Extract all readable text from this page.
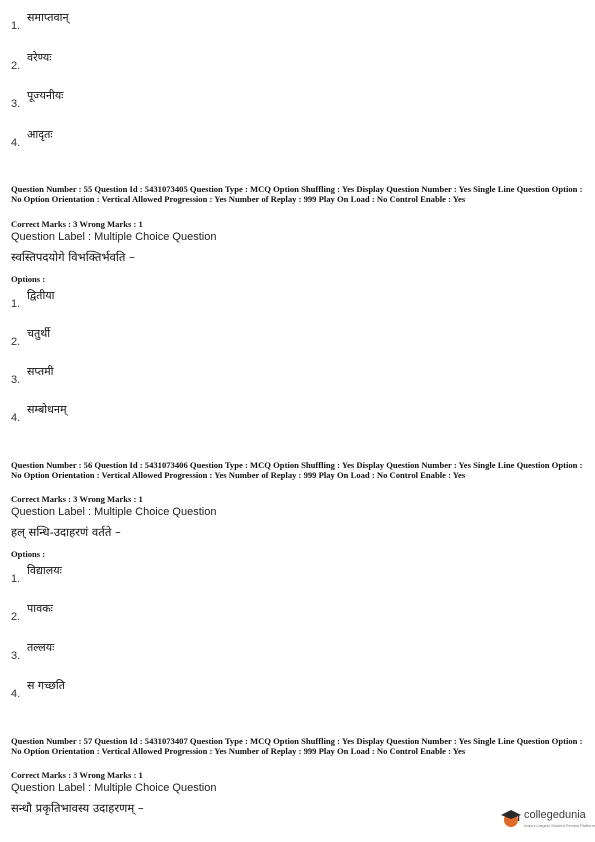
1.
समाप्तवान्
2.
वरेण्यः
3.
पूज्यनीयः
4.
आदृतः
Question Number : 55 Question Id : 5431073405 Question Type : MCQ Option Shuffling : Yes Display Question Number : Yes Single Line Question Option : No Option Orientation : Vertical Allowed Progression : Yes Number of Replay : 999 Play On Load : No Control Enable : Yes
Correct Marks : 3 Wrong Marks : 1
Question Label : Multiple Choice Question
स्वस्तिपदयोगे विभक्तिर्भवति –
Options :
1.
द्वितीया
2.
चतुर्थी
3.
सप्तमी
4.
सम्बोधनम्
Question Number : 56 Question Id : 5431073406 Question Type : MCQ Option Shuffling : Yes Display Question Number : Yes Single Line Question Option : No Option Orientation : Vertical Allowed Progression : Yes Number of Replay : 999 Play On Load : No Control Enable : Yes
Correct Marks : 3 Wrong Marks : 1
Question Label : Multiple Choice Question
हल् सन्धि-उदाहरणं वर्तते –
Options :
1.
विद्यालयः
2.
पावकः
3.
तल्लयः
4.
स गच्छति
Question Number : 57 Question Id : 5431073407 Question Type : MCQ Option Shuffling : Yes Display Question Number : Yes Single Line Question Option : No Option Orientation : Vertical Allowed Progression : Yes Number of Replay : 999 Play On Load : No Control Enable : Yes
Correct Marks : 3 Wrong Marks : 1
Question Label : Multiple Choice Question
सन्धौ प्रकृतिभावस्य उदाहरणम् –	collegedunia
India's Largest Student Review Platform
